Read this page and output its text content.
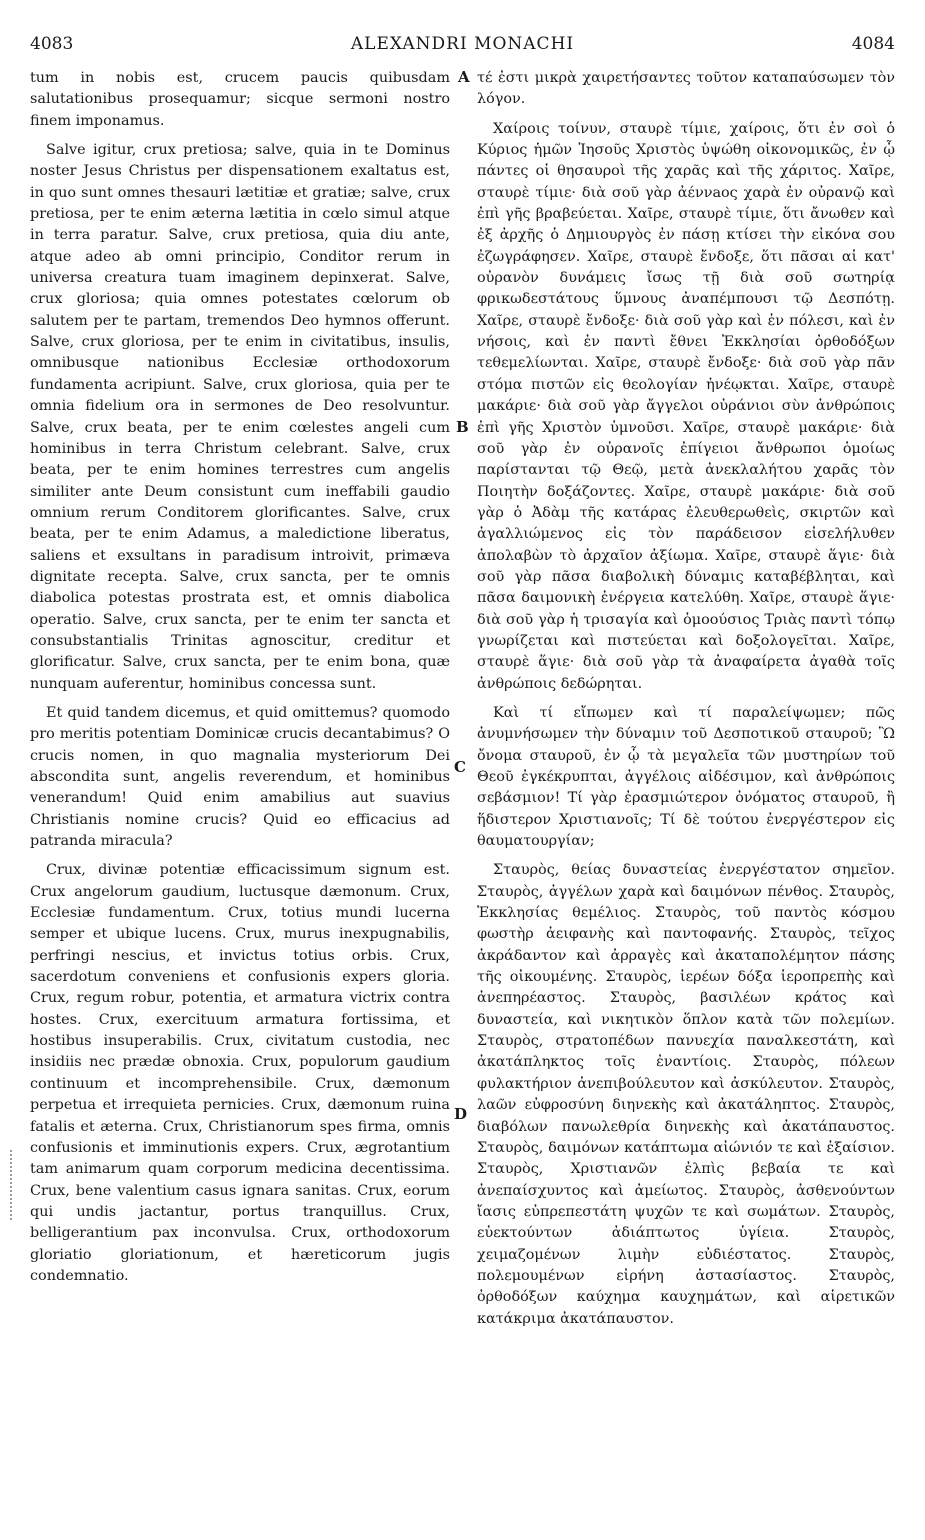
4083	ALEXANDRI MONACHI	4084

tum in nobis est, crucem paucis quibusdam salutationibus prosequamur; sicque sermoni nostro finem imponamus.

Salve igitur, crux pretiosa; salve, quia in te Dominus noster Jesus Christus per dispensationem exaltatus est, in quo sunt omnes thesauri lætitiæ et gratiæ; salve, crux pretiosa, per te enim æterna lætitia in cœlo simul atque in terra paratur. Salve, crux pretiosa, quia diu ante, atque adeo ab omni principio, Conditor rerum in universa creatura tuam imaginem depinxerat. Salve, crux gloriosa; quia omnes potestates cœlorum ob salutem per te partam, tremendos Deo hymnos offerunt. Salve, crux gloriosa, per te enim in civitatibus, insulis, omnibusque nationibus Ecclesiæ orthodoxorum fundamenta acripiunt. Salve, crux gloriosa, quia per te omnia fidelium ora in sermones de Deo resolvuntur. Salve, crux beata, per te enim cœlestes angeli cum hominibus in terra Christum celebrant. Salve, crux beata, per te enim homines terrestres cum angelis similiter ante Deum consistunt cum ineffabili gaudio omnium rerum Conditorem glorificantes. Salve, crux beata, per te enim Adamus, a maledictione liberatus, saliens et exsultans in paradisum introivit, primæva dignitate recepta. Salve, crux sancta, per te omnis diabolica potestas prostrata est, et omnis diabolica operatio. Salve, crux sancta, per te enim ter sancta et consubstantialis Trinitas agnoscitur, creditur et glorificatur. Salve, crux sancta, per te enim bona, quæ nunquam auferentur, hominibus concessa sunt.

Et quid tandem dicemus, et quid omittemus? quomodo pro meritis potentiam Dominicæ crucis decantabimus? O crucis nomen, in quo magnalia mysteriorum Dei abscondita sunt, angelis reverendum, et hominibus venerandum! Quid enim amabilius aut suavius Christianis nomine crucis? Quid eo efficacius ad patranda miracula?

Crux, divinæ potentiæ efficacissimum signum est. Crux angelorum gaudium, luctusque dæmonum. Crux, Ecclesiæ fundamentum. Crux, totius mundi lucerna semper et ubique lucens. Crux, murus inexpugnabilis, perfringi nescius, et invictus totius orbis. Crux, sacerdotum conveniens et confusionis expers gloria. Crux, regum robur, potentia, et armatura victrix contra hostes. Crux, exercituum armatura fortissima, et hostibus insuperabilis. Crux, civitatum custodia, nec insidiis nec prædæ obnoxia. Crux, populorum gaudium continuum et incomprehensibile. Crux, dæmonum perpetua et irrequieta pernicies. Crux, dæmonum ruina fatalis et æterna. Crux, Christianorum spes firma, omnis confusionis et imminutionis expers. Crux, ægrotantium tam animarum quam corporum medicina decentissima. Crux, bene valentium casus ignara sanitas. Crux, eorum qui undis jactantur, portus tranquillus. Crux, belligerantium pax inconvulsa. Crux, orthodoxorum gloriatio gloriationum, et hæreticorum jugis condemnatio.

A
B
C
D

τέ ἐστι μικρὰ χαιρετήσαντες τοῦτον καταπαύσωμεν τὸν λόγον.

Χαίροις τοίνυν, σταυρὲ τίμιε, χαίροις, ὅτι ἐν σοὶ ὁ Κύριος ἡμῶν Ἰησοῦς Χριστὸς ὑψώθη οἰκονομικῶς, ἐν ᾧ πάντες οἱ θησαυροὶ τῆς χαρᾶς καὶ τῆς χάριτος. Χαῖρε, σταυρὲ τίμιε· διὰ σοῦ γὰρ ἀέννaος χαρὰ ἐν οὐρανῷ καὶ ἐπὶ γῆς βραβεύεται. Χαῖρε, σταυρὲ τίμιε, ὅτι ἄνωθεν καὶ ἐξ ἀρχῆς ὁ Δημιουργὸς ἐν πάσῃ κτίσει τὴν εἰκόνα σου ἐζωγράφησεν. Χαῖρε, σταυρὲ ἔνδοξε, ὅτι πᾶσαι αἱ κατ' οὐρανὸν δυνάμεις ἴσως τῇ διὰ σοῦ σωτηρίᾳ φρικωδεστάτους ὕμνους ἀναπέμπουσι τῷ Δεσπότῃ. Χαῖρε, σταυρὲ ἔνδοξε· διὰ σοῦ γὰρ καὶ ἐν πόλεσι, καὶ ἐν νήσοις, καὶ ἐν παντὶ ἔθνει Ἐκκλησίαι ὀρθοδόξων τεθεμελίωνται. Χαῖρε, σταυρὲ ἔνδοξε· διὰ σοῦ γὰρ πᾶν στόμα πιστῶν εἰς θεολογίαν ἠνέῳκται. Χαῖρε, σταυρὲ μακάριε· διὰ σοῦ γὰρ ἄγγελοι οὐράνιοι σὺν ἀνθρώποις ἐπὶ γῆς Χριστὸν ὑμνοῦσι. Χαῖρε, σταυρὲ μακάριε· διὰ σοῦ γὰρ ἐν οὐρανοῖς ἐπίγειοι ἄνθρωποι ὁμοίως παρίστανται τῷ Θεῷ, μετὰ ἀνεκλαλήτου χαρᾶς τὸν Ποιητὴν δοξάζοντες. Χαῖρε, σταυρὲ μακάριε· διὰ σοῦ γὰρ ὁ Ἀδὰμ τῆς κατάρας ἐλευθερωθεὶς, σκιρτῶν καὶ ἀγαλλιώμενος εἰς τὸν παράδεισον εἰσελήλυθεν ἀπολαβὼν τὸ ἀρχαῖον ἀξίωμα. Χαῖρε, σταυρὲ ἅγιε· διὰ σοῦ γὰρ πᾶσα διαβολικὴ δύναμις καταβέβληται, καὶ πᾶσα δαιμονικὴ ἐνέργεια κατελύθη. Χαῖρε, σταυρὲ ἅγιε· διὰ σοῦ γὰρ ἡ τρισαγία καὶ ὁμοούσιος Τριὰς παντὶ τόπῳ γνωρίζεται καὶ πιστεύεται καὶ δοξολογεῖται. Χαῖρε, σταυρὲ ἅγιε· διὰ σοῦ γὰρ τὰ ἀναφαίρετα ἀγαθὰ τοῖς ἀνθρώποις δεδώρηται.

Καὶ τί εἴπωμεν καὶ τί παραλείψωμεν; πῶς ἀνυμνήσωμεν τὴν δύναμιν τοῦ Δεσποτικοῦ σταυροῦ; Ὢ ὄνομα σταυροῦ, ἐν ᾧ τὰ μεγαλεῖα τῶν μυστηρίων τοῦ Θεοῦ ἐγκέκρυπται, ἀγγέλοις αἰδέσιμον, καὶ ἀνθρώποις σεβάσμιον! Τί γὰρ ἐρασμιώτερον ὀνόματος σταυροῦ, ἢ ἥδιστερον Χριστιανοῖς; Τί δὲ τούτου ἐνεργέστερον εἰς θαυματουργίαν;

Σταυρὸς, θείας δυναστείας ἐνεργέστατον σημεῖον. Σταυρὸς, ἀγγέλων χαρὰ καὶ δαιμόνων πένθος. Σταυρὸς, Ἐκκλησίας θεμέλιος. Σταυρὸς, τοῦ παντὸς κόσμου φωστὴρ ἀειφανὴς καὶ παντοφανής. Σταυρὸς, τεῖχος ἀκράδαντον καὶ ἀρραγὲς καὶ ἀκαταπολέμητον πάσης τῆς οἰκουμένης. Σταυρὸς, ἱερέων δόξα ἱεροπρεπὴς καὶ ἀνεπηρέαστος. Σταυρὸς, βασιλέων κράτος καὶ δυναστεία, καὶ νικητικὸν ὅπλον κατὰ τῶν πολεμίων. Σταυρὸς, στρατοπέδων πανυεχία παναλκεστάτη, καὶ ἀκατάπληκτος τοῖς ἐναντίοις. Σταυρὸς, πόλεων φυλακτήριον ἀνεπιβούλευτον καὶ ἀσκύλευτον. Σταυρὸς, λαῶν εὐφροσύνη διηνεκὴς καὶ ἀκατάληπτος. Σταυρὸς, διαβόλων πανωλεθρία διηνεκὴς καὶ ἀκατάπαυστος. Σταυρὸς, δαιμόνων κατάπτωμα αἰώνιόν τε καὶ ἐξαίσιον. Σταυρὸς, Χριστιανῶν ἐλπὶς βεβαία τε καὶ ἀνεπαίσχυντος καὶ ἀμείωτος. Σταυρὸς, ἀσθενούντων ἴασις εὐπρεπεστάτη ψυχῶν τε καὶ σωμάτων. Σταυρὸς, εὐεκτούντων ἀδιάπτωτος ὑγίεια. Σταυρὸς, χειμαζομένων λιμὴν εὐδιέστατος. Σταυρὸς, πολεμουμένων εἰρήνη ἀστασίαστος. Σταυρὸς, ὀρθοδόξων καύχημα καυχημάτων, καὶ αἱρετικῶν κατάκριμα ἀκατάπαυστον.
